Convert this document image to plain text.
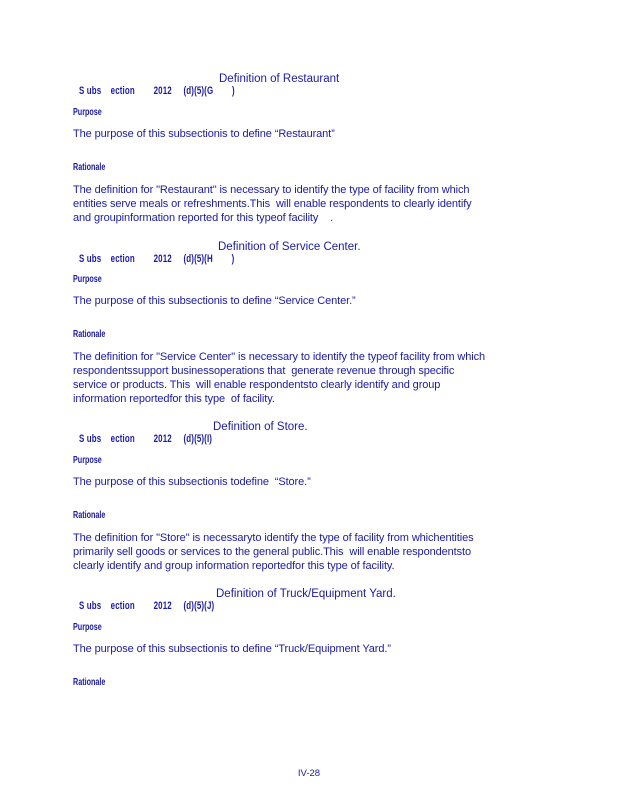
S ubs    ection        2012     (d)(5)(G        )

Definition of Restaurant

Purpose
The purpose of this subsectionis to define “Restaurant”
Rationale
The definition for "Restaurant" is necessary to identify the type of facility from which
entities serve meals or refreshments.This  will enable respondents to clearly identify
and groupinformation reported for this typeof facility    .

S ubs    ection        2012     (d)(5)(H        )

Definition of Service Center.

Purpose
The purpose of this subsectionis to define “Service Center.”
Rationale
The definition for "Service Center" is necessary to identify the typeof facility from which
respondentssupport businessoperations that  generate revenue through specific
service or products. This  will enable respondentsto clearly identify and group
information reportedfor this type  of facility.

S ubs    ection        2012     (d)(5)(I)

Definition of Store.

Purpose
The purpose of this subsectionis todefine  “Store.”
Rationale
The definition for "Store" is necessaryto identify the type of facility from whichentities
primarily sell goods or services to the general public.This  will enable respondentsto
clearly identify and group information reportedfor this type of facility.

S ubs    ection        2012     (d)(5)(J)

Definition of Truck/Equipment Yard.

Purpose
The purpose of this subsectionis to define “Truck/Equipment Yard.”
Rationale
IV-28
